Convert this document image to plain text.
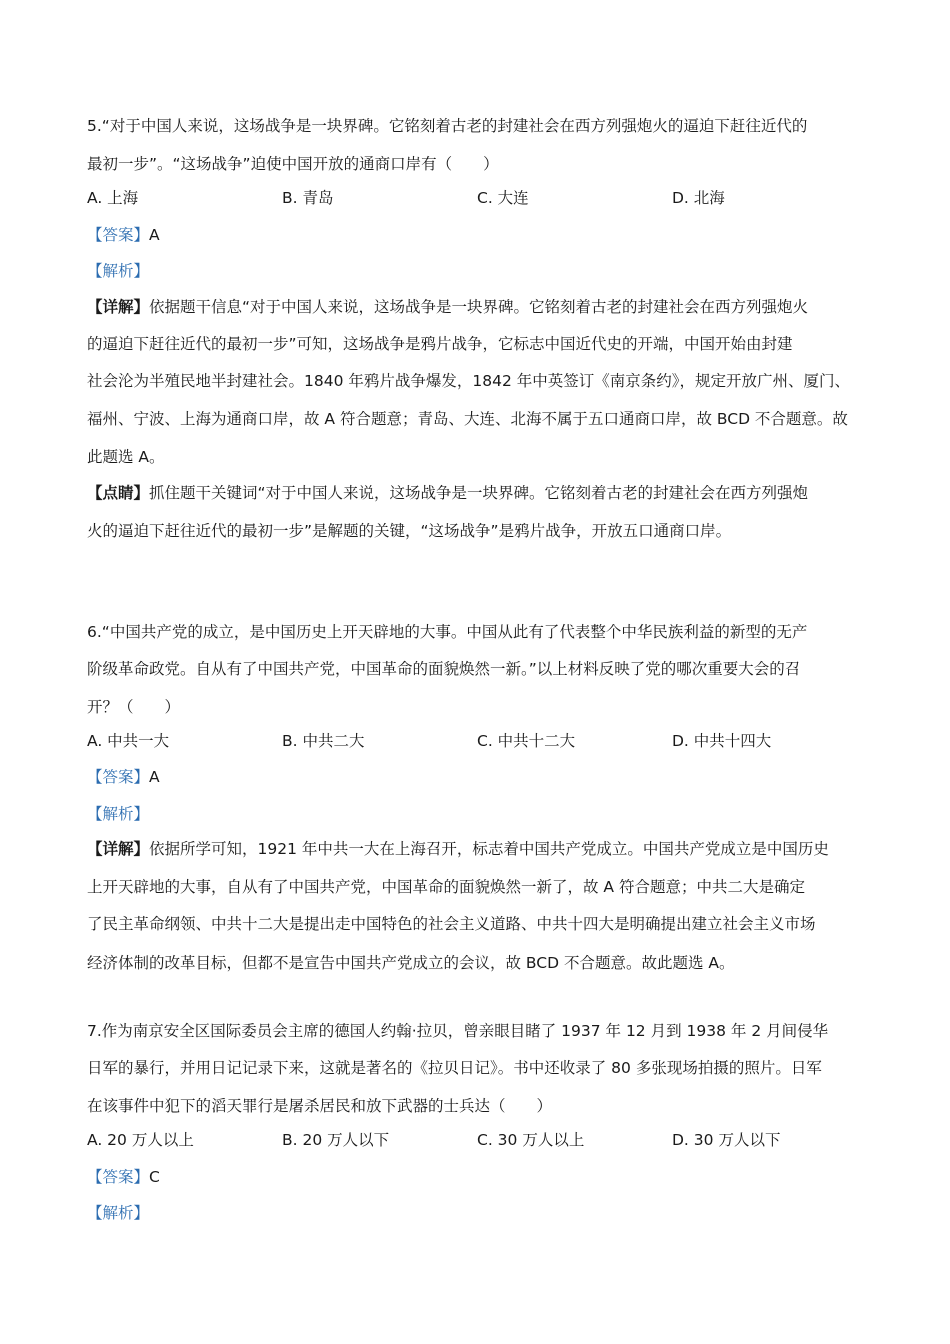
5.“对于中国人来说，这场战争是一块界碑。它铭刻着古老的封建社会在西方列强炮火的逼迫下赶往近代的
最初一步”。“这场战争”迫使中国开放的通商口岸有（　　）
A. 上海	B. 青岛	C. 大连	D. 北海
【答案】A
【解析】
【详解】依据题干信息“对于中国人来说，这场战争是一块界碑。它铭刻着古老的封建社会在西方列强炮火
的逼迫下赶往近代的最初一步”可知，这场战争是鸦片战争，它标志中国近代史的开端，中国开始由封建
社会沦为半殖民地半封建社会。1840 年鸦片战争爆发，1842 年中英签订《南京条约》，规定开放广州、厦门、
福州、宁波、上海为通商口岸，故 A 符合题意；青岛、大连、北海不属于五口通商口岸，故 BCD 不合题意。故
此题选 A。
【点睛】抓住题干关键词“对于中国人来说，这场战争是一块界碑。它铭刻着古老的封建社会在西方列强炮
火的逼迫下赶往近代的最初一步”是解题的关键，“这场战争”是鸦片战争，开放五口通商口岸。
6.“中国共产党的成立，是中国历史上开天辟地的大事。中国从此有了代表整个中华民族利益的新型的无产
阶级革命政党。自从有了中国共产党，中国革命的面貌焕然一新。”以上材料反映了党的哪次重要大会的召
开？（　　）
A. 中共一大	B. 中共二大	C. 中共十二大	D. 中共十四大
【答案】A
【解析】
【详解】依据所学可知，1921 年中共一大在上海召开，标志着中国共产党成立。中国共产党成立是中国历史
上开天辟地的大事，自从有了中国共产党，中国革命的面貌焕然一新了，故 A 符合题意；中共二大是确定
了民主革命纲领、中共十二大是提出走中国特色的社会主义道路、中共十四大是明确提出建立社会主义市场
经济体制的改革目标，但都不是宣告中国共产党成立的会议，故 BCD 不合题意。故此题选 A。
7.作为南京安全区国际委员会主席的德国人约翰·拉贝，曾亲眼目睹了 1937 年 12 月到 1938 年 2 月间侵华
日军的暴行，并用日记记录下来，这就是著名的《拉贝日记》。书中还收录了 80 多张现场拍摄的照片。日军
在该事件中犯下的滔天罪行是屠杀居民和放下武器的士兵达（　　）
A. 20 万人以上	B. 20 万人以下	C. 30 万人以上	D. 30 万人以下
【答案】C
【解析】
